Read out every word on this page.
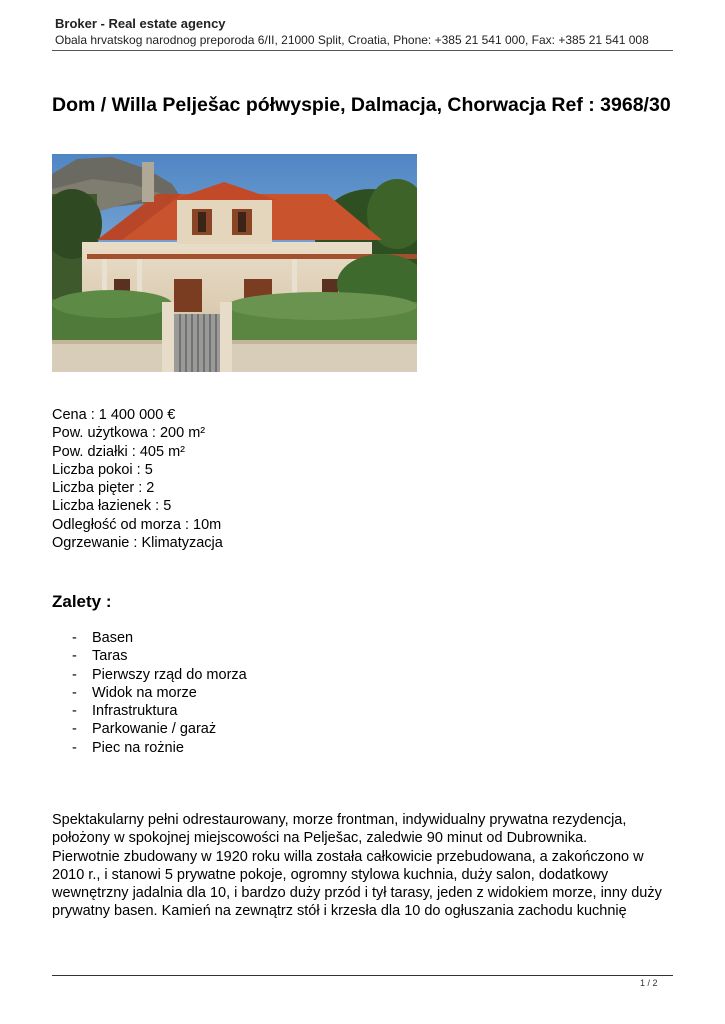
Broker - Real estate agency
Obala hrvatskog narodnog preporoda 6/II, 21000 Split, Croatia, Phone: +385 21 541 000, Fax: +385 21 541 008
Dom / Willa Pelješac półwyspie, Dalmacja, Chorwacja Ref : 3968/30
Cena : 1 400 000 €
Pow. użytkowa : 200 m²
Pow. działki : 405 m²
Liczba pokoi : 5
Liczba pięter : 2
Liczba łazienek : 5
Odległość od morza : 10m
Ogrzewanie : Klimatyzacja
Zalety :
-	Basen
-	Taras
-	Pierwszy rząd do morza
-	Widok na morze
-	Infrastruktura
-	Parkowanie / garaż
-	Piec na rożnie
Spektakularny pełni odrestaurowany, morze frontman, indywidualny prywatna rezydencja,
położony w spokojnej miejscowości na Pelješac, zaledwie 90 minut od Dubrownika.
Pierwotnie zbudowany w 1920 roku willa została całkowicie przebudowana, a zakończono w
2010 r., i stanowi 5 prywatne pokoje, ogromny stylowa kuchnia, duży salon, dodatkowy
wewnętrzny jadalnia dla 10, i bardzo duży przód i tył tarasy, jeden z widokiem morze, inny duży
prywatny basen. Kamień na zewnątrz stół i krzesła dla 10 do ogłuszania zachodu kuchnię
1 / 2
